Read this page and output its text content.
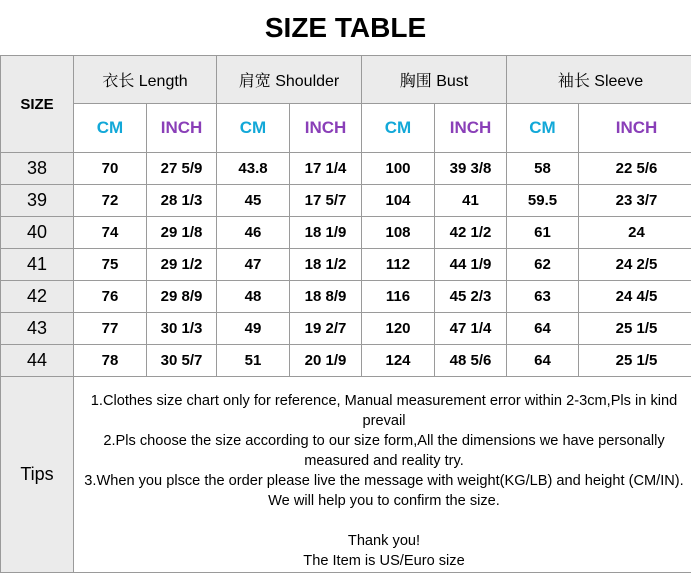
SIZE TABLE
SIZE	衣长 Length		肩宽 Shoulder		胸围 Bust		袖长 Sleeve	
	CM	INCH	CM	INCH	CM	INCH	CM	INCH
38	70	27 5/9	43.8	17 1/4	100	39 3/8	58	22 5/6
39	72	28 1/3	45	17 5/7	104	41	59.5	23 3/7
40	74	29 1/8	46	18 1/9	108	42 1/2	61	24
41	75	29 1/2	47	18 1/2	112	44 1/9	62	24 2/5
42	76	29 8/9	48	18 8/9	116	45 2/3	63	24 4/5
43	77	30 1/3	49	19 2/7	120	47 1/4	64	25 1/5
44	78	30 5/7	51	20 1/9	124	48 5/6	64	25 1/5
Tips	1.Clothes size chart only for reference, Manual measurement error within 2-3cm,Pls in kind prevail

2.Pls choose the size according to our size form,All the dimensions we have personally measured and reality try.

3.When you plsce the order please live the message with weight(KG/LB) and height (CM/IN). We will help you to confirm the size.

Thank you!

The Item is US/Euro size							
